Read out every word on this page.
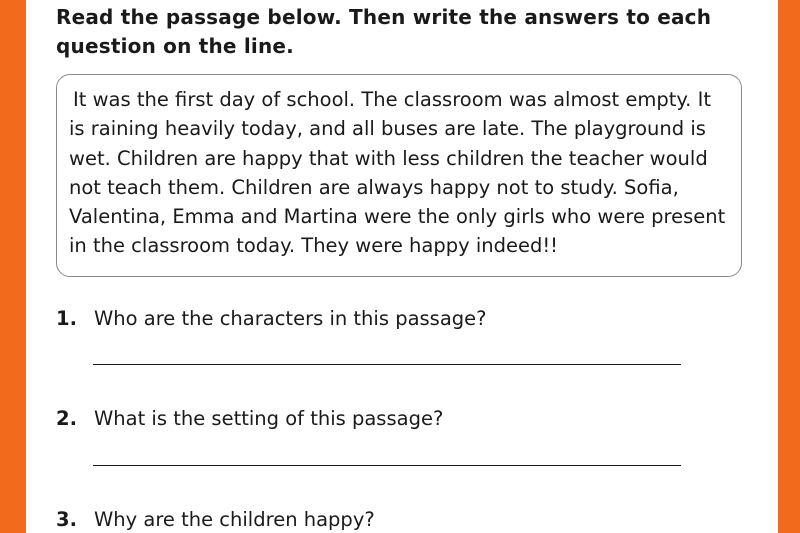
Read the passage below. Then write the answers to each question on the line.

It was the first day of school. The classroom was almost empty. It is raining heavily today, and all buses are late. The playground is wet. Children are happy that with less children the teacher would not teach them. Children are always happy not to study. Sofia, Valentina, Emma and Martina were the only girls who were present in the classroom today. They were happy indeed!!

1. Who are the characters in this passage?
2. What is the setting of this passage?
3. Why are the children happy?
